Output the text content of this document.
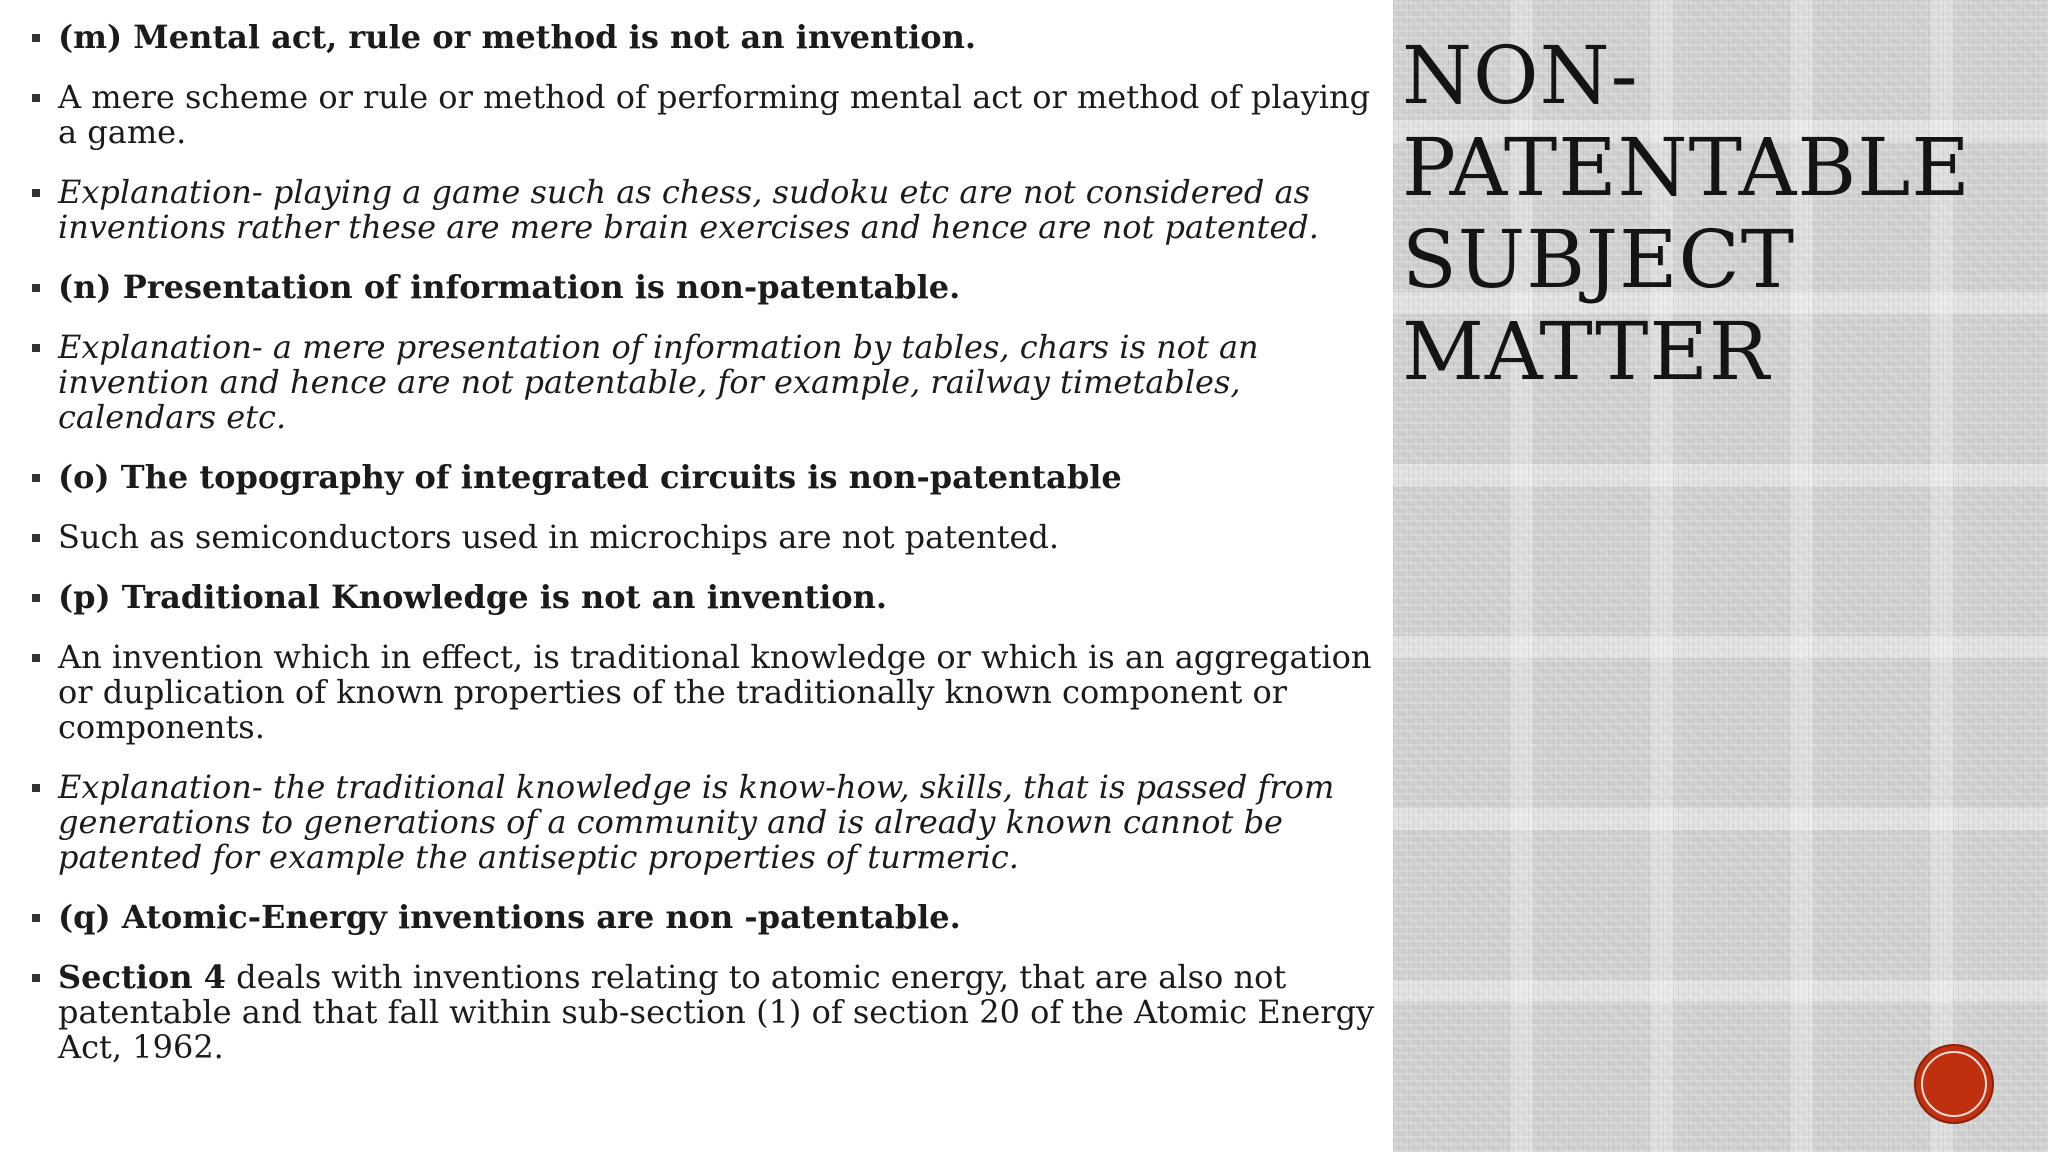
(m) Mental act, rule or method is not an invention.
A mere scheme or rule or method of performing mental act or method of playing a game.
Explanation- playing a game such as chess, sudoku etc are not considered as inventions rather these are mere brain exercises and hence are not patented.
(n) Presentation of information is non-patentable.
Explanation- a mere presentation of information by tables, chars is not an invention and hence are not patentable, for example, railway timetables, calendars etc.
(o) The topography of integrated circuits is non-patentable
Such as semiconductors used in microchips are not patented.
(p) Traditional Knowledge is not an invention.
An invention which in effect, is traditional knowledge or which is an aggregation or duplication of known properties of the traditionally known component or components.
Explanation- the traditional knowledge is know-how, skills, that is passed from generations to generations of a community and is already known cannot be patented for example the antiseptic properties of turmeric.
(q) Atomic-Energy inventions are non -patentable.
Section 4 deals with inventions relating to atomic energy, that are also not patentable and that fall within sub-section (1) of section 20 of the Atomic Energy Act, 1962.
NON-
PATENTABLE
SUBJECT
MATTER
